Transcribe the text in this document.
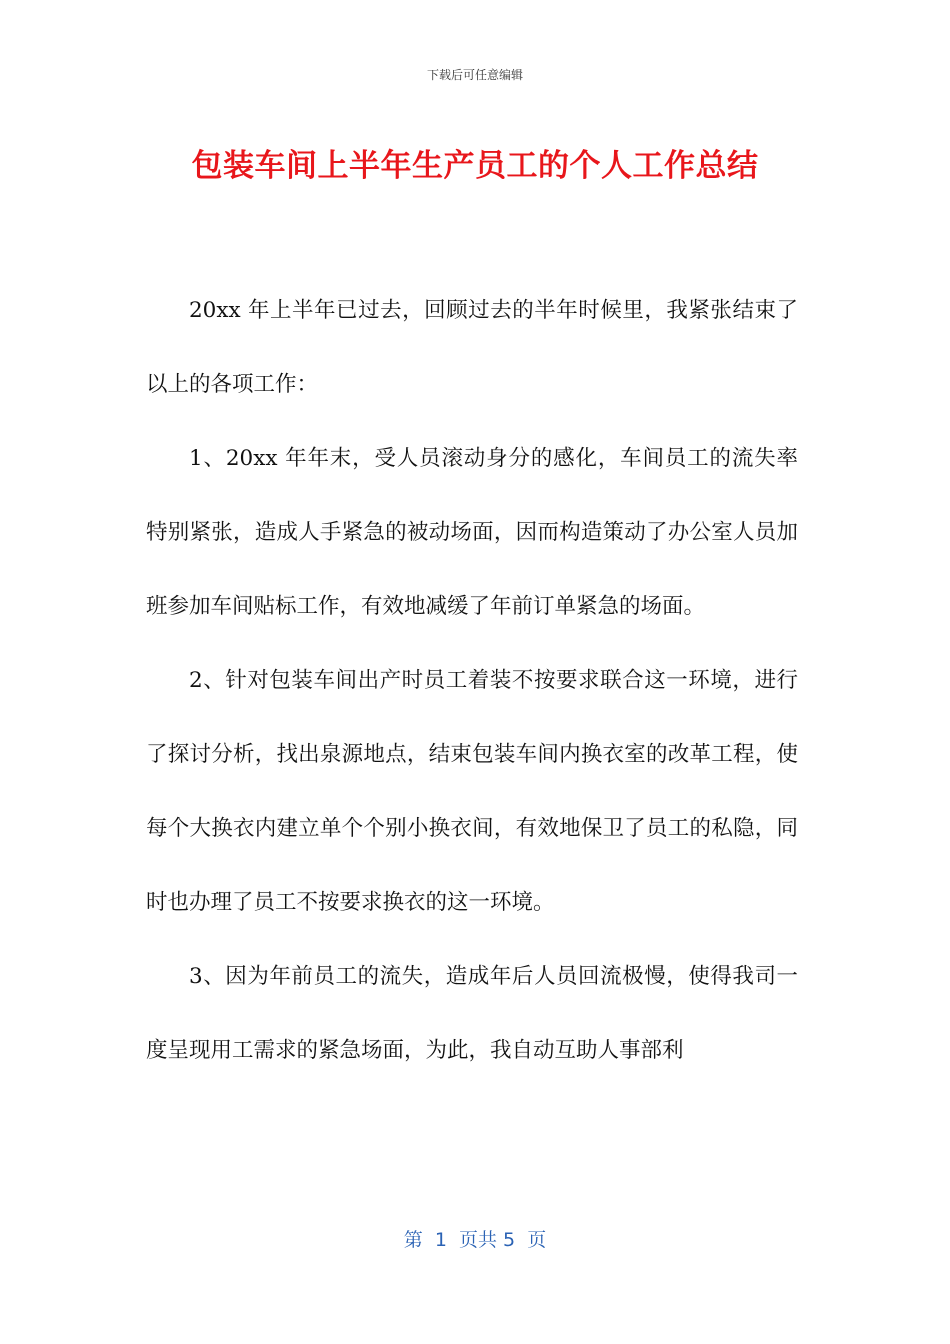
下载后可任意编辑
包装车间上半年生产员工的个人工作总结

20xx 年上半年已过去，回顾过去的半年时候里，我紧张结束了以上的各项工作：

1、20xx 年年末，受人员滚动身分的感化，车间员工的流失率特别紧张，造成人手紧急的被动场面，因而构造策动了办公室人员加班参加车间贴标工作，有效地减缓了年前订单紧急的场面。

2、针对包装车间出产时员工着装不按要求联合这一环境，进行了探讨分析，找出泉源地点，结束包装车间内换衣室的改革工程，使每个大换衣内建立单个个别小换衣间，有效地保卫了员工的私隐，同时也办理了员工不按要求换衣的这一环境。

3、因为年前员工的流失，造成年后人员回流极慢，使得我司一度呈现用工需求的紧急场面，为此，我自动互助人事部利

第  1  页共 5  页
